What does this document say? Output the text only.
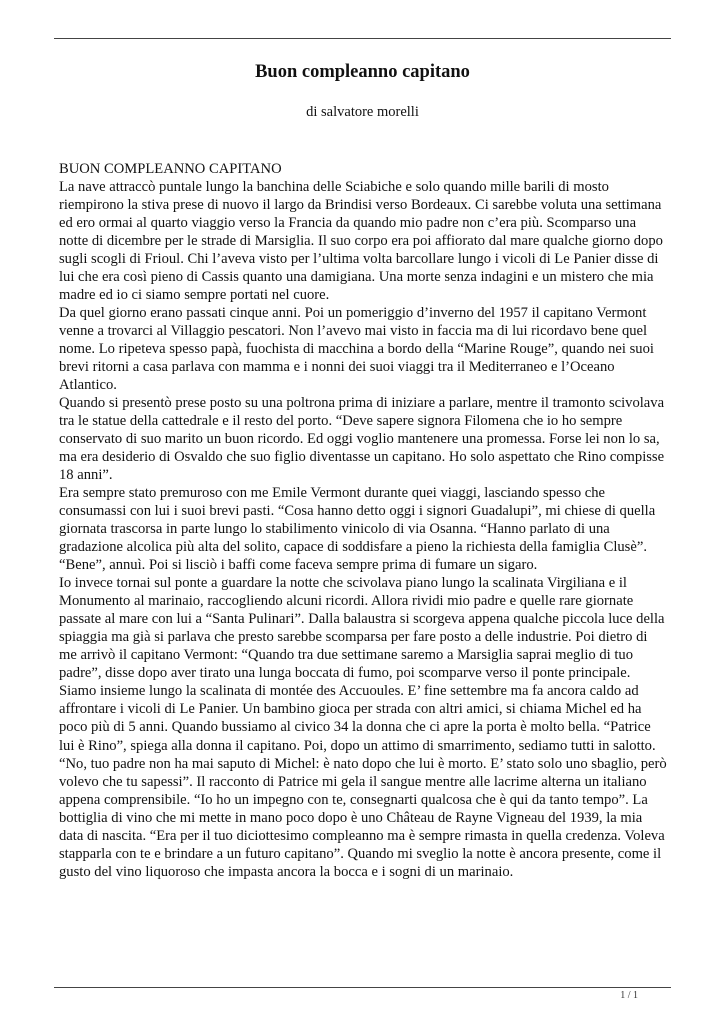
Buon compleanno capitano
di salvatore morelli

BUON COMPLEANNO CAPITANO

La nave attraccò puntale lungo la banchina delle Sciabiche e solo quando mille barili di mosto riempirono la stiva prese di nuovo il largo da Brindisi verso Bordeaux. Ci sarebbe voluta una settimana ed ero ormai al quarto viaggio verso la Francia da quando mio padre non c’era più. Scomparso una notte di dicembre per le strade di Marsiglia. Il suo corpo era poi affiorato dal mare qualche giorno dopo sugli scogli di Frioul. Chi l’aveva visto per l’ultima volta barcollare lungo i vicoli di Le Panier disse di lui che era così pieno di Cassis quanto una damigiana. Una morte senza indagini e un mistero che mia madre ed io ci siamo sempre portati nel cuore.

Da quel giorno erano passati cinque anni. Poi un pomeriggio d’inverno del 1957 il capitano Vermont venne a trovarci al Villaggio pescatori. Non l’avevo mai visto in faccia ma di lui ricordavo bene quel nome. Lo ripeteva spesso papà, fuochista di macchina a bordo della “Marine Rouge”, quando nei suoi brevi ritorni a casa parlava con mamma e i nonni dei suoi viaggi tra il Mediterraneo e l’Oceano Atlantico.

Quando si presentò prese posto su una poltrona prima di iniziare a parlare, mentre il tramonto scivolava tra le statue della cattedrale e il resto del porto. “Deve sapere signora Filomena che io ho sempre conservato di suo marito un buon ricordo. Ed oggi voglio mantenere una promessa. Forse lei non lo sa, ma era desiderio di Osvaldo che suo figlio diventasse un capitano. Ho solo aspettato che Rino compisse 18 anni”.

Era sempre stato premuroso con me Emile Vermont durante quei viaggi, lasciando spesso che consumassi con lui i suoi brevi pasti. “Cosa hanno detto oggi i signori Guadalupi”, mi chiese di quella giornata trascorsa in parte lungo lo stabilimento vinicolo di via Osanna. “Hanno parlato di una gradazione alcolica più alta del solito, capace di soddisfare a pieno la richiesta della famiglia Clusè”. “Bene”, annuì. Poi si lisciò i baffi come faceva sempre prima di fumare un sigaro.

Io invece tornai sul ponte a guardare la notte che scivolava piano lungo la scalinata Virgiliana e il Monumento al marinaio, raccogliendo alcuni ricordi. Allora rividi mio padre e quelle rare giornate passate al mare con lui a “Santa Pulinari”. Dalla balaustra si scorgeva appena qualche piccola luce della spiaggia ma già si parlava che presto sarebbe scomparsa per fare posto a delle industrie. Poi dietro di me arrivò il capitano Vermont: “Quando tra due settimane saremo a Marsiglia saprai meglio di tuo padre”, disse dopo aver tirato una lunga boccata di fumo, poi scomparve verso il ponte principale.

Siamo insieme lungo la scalinata di montée des Accuoules. E’ fine settembre ma fa ancora caldo ad affrontare i vicoli di Le Panier. Un bambino gioca per strada con altri amici, si chiama Michel ed ha poco più di 5 anni. Quando bussiamo al civico 34 la donna che ci apre la porta è molto bella. “Patrice lui è Rino”, spiega alla donna il capitano. Poi, dopo un attimo di smarrimento, sediamo tutti in salotto. “No, tuo padre non ha mai saputo di Michel: è nato dopo che lui è morto. E’ stato solo uno sbaglio, però volevo che tu sapessi”. Il racconto di Patrice mi gela il sangue mentre alle lacrime alterna un italiano appena comprensibile. “Io ho un impegno con te, consegnarti qualcosa che è qui da tanto tempo”. La bottiglia di vino che mi mette in mano poco dopo è uno Château de Rayne Vigneau del 1939, la mia data di nascita. “Era per il tuo diciottesimo compleanno ma è sempre rimasta in quella credenza. Voleva stapparla con te e brindare a un futuro capitano”. Quando mi sveglio la notte è ancora presente, come il gusto del vino liquoroso che impasta ancora la bocca e i sogni di un marinaio.

1 / 1
